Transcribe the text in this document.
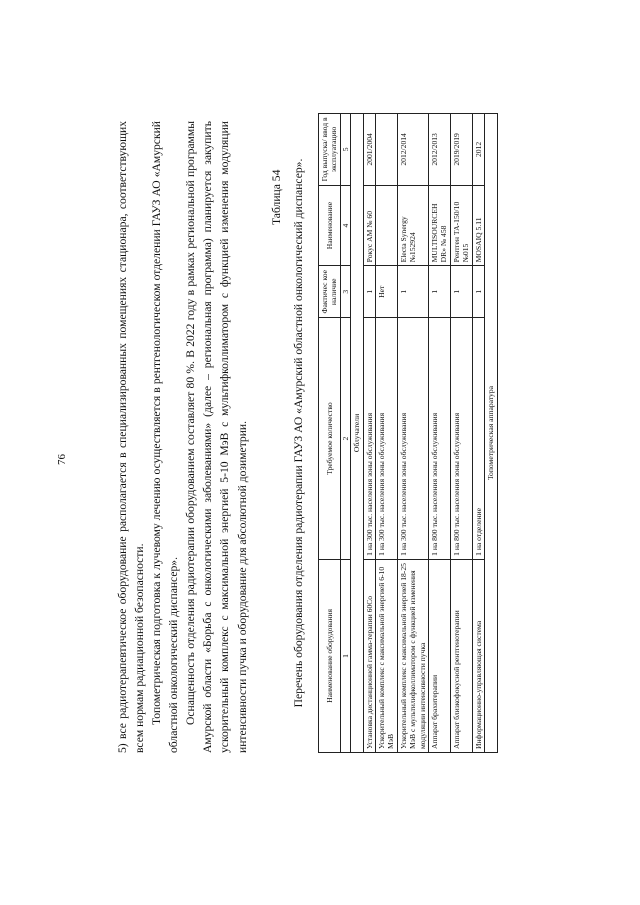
76	5) все радиотерапевтическое оборудование располагается в специализированных помещениях стационара, соответствующих всем нормам радиационной безопасности. Топометрическая подготовка к лучевому лечению осуществляется в рентгенологическом отделении ГАУЗ АО «Амурский областной онкологический диспансер». Оснащенность отделения радиотерапии оборудованием составляет 80 %. В 2022 году в рамках региональной программы Амурской области «Борьба с онкологическими заболеваниями» (далее – региональная программа) планируется закупить ускорительный комплекс с максимальной энергией 5-10 МэВ с мультифколлиматором с функцией изменения модуляции интенсивности пучка и оборудование для абсолютной дозиметрии.
Таблица 54 Перечень оборудования отделения радиотерапии ГАУЗ АО «Амурский областной онкологический диспансер».	Наименование оборудования	Требуемое количество	Фактичес кое наличие	Наименование	Год выпуска/ ввод в эксплуатацию
1	2	3	4	5
Облучатели				
Установка дистанционной гамма-терапии 60Co	1 на 300 тыс. населения зоны обслуживания	1	Рокус АМ № 60	2001/2004
Ускорительный комплекс с максимальной энергией 6-10 МэВ	1 на 300 тыс. населения зоны обслуживания	Нет		
Ускорительный комплекс с максимальной энергией 18-25 МэВ с мультилифколлиматором с функцией изменения модуляции интенсивности пучка	1 на 300 тыс. населения зоны обслуживания	1	Electa Synergy №152924	2012/2014
Аппарат брахитерапии	1 на 800 тыс. населения зоны обслуживания	1	MULTISOURCEН DR» № 458	2012/2013
Аппарат близкофокусной рентгенотерапии	1 на 800 тыс. населения зоны обслуживания	1	Рентген ТА-150/10 №015	2019/2019
Информационно-управляющая система	1 на отделение	1	MOSAIQ 5.11	2012
Топометрическая аппаратура				
